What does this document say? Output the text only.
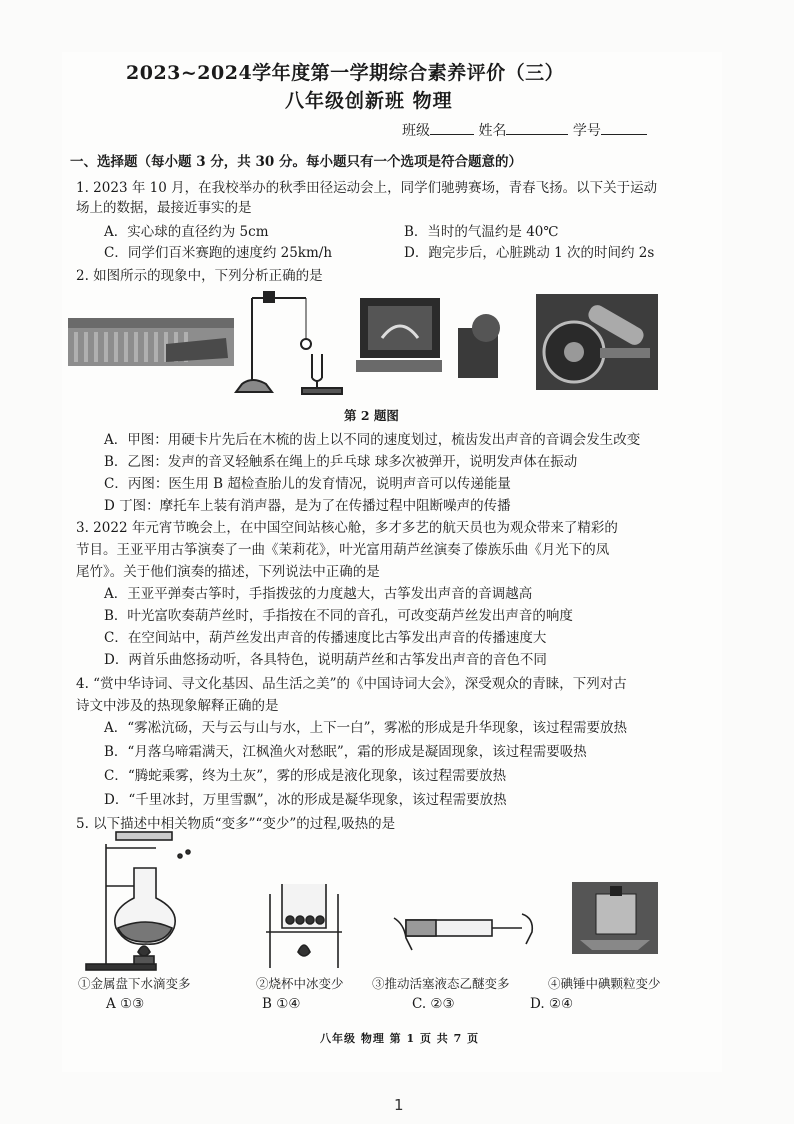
2023~2024学年度第一学期综合素养评价（三）
八年级创新班 物理
班级	姓名	学号
一、选择题（每小题 3 分，共 30 分。每小题只有一个选项是符合题意的）
1. 2023 年 10 月，在我校举办的秋季田径运动会上，同学们驰骋赛场，青春飞扬。以下关于运动
场上的数据，最接近事实的是
A．实心球的直径约为 5cm	B．当时的气温约是 40℃
C．同学们百米赛跑的速度约 25km/h	D．跑完步后，心脏跳动 1 次的时间约 2s
2. 如图所示的现象中，下列分析正确的是
第 2 题图
A．甲图：用硬卡片先后在木梳的齿上以不同的速度划过，梳齿发出声音的音调会发生改变
B．乙图：发声的音叉轻触系在绳上的乒乓球 球多次被弹开，说明发声体在振动
C．丙图：医生用 B 超检查胎儿的发育情况，说明声音可以传递能量
D 丁图：摩托车上装有消声器，是为了在传播过程中阻断噪声的传播
3. 2022 年元宵节晚会上，在中国空间站核心舱，多才多艺的航天员也为观众带来了精彩的
节目。王亚平用古筝演奏了一曲《茉莉花》，叶光富用葫芦丝演奏了傣族乐曲《月光下的凤
尾竹》。关于他们演奏的描述，下列说法中正确的是
A．王亚平弹奏古筝时，手指拨弦的力度越大，古筝发出声音的音调越高
B．叶光富吹奏葫芦丝时，手指按在不同的音孔，可改变葫芦丝发出声音的响度
C．在空间站中，葫芦丝发出声音的传播速度比古筝发出声音的传播速度大
D．两首乐曲悠扬动听，各具特色，说明葫芦丝和古筝发出声音的音色不同
4. “赏中华诗词、寻文化基因、品生活之美”的《中国诗词大会》，深受观众的青睐，下列对古
诗文中涉及的热现象解释正确的是
A．“雾凇沆砀，天与云与山与水，上下一白”，雾凇的形成是升华现象，该过程需要放热
B．“月落乌啼霜满天，江枫渔火对愁眠”，霜的形成是凝固现象，该过程需要吸热
C．“腾蛇乘雾，终为土灰”，雾的形成是液化现象，该过程需要放热
D．“千里冰封，万里雪飘”，冰的形成是凝华现象，该过程需要放热
5. 以下描述中相关物质“变多”“变少”的过程,吸热的是
①金属盘下水滴变多	②烧杯中冰变少 ③推动活塞液态乙醚变多	④碘锤中碘颗粒变少
A ①③	B ①④	C. ②③	D. ②④
八年级 物理 第 1 页 共 7 页
1
